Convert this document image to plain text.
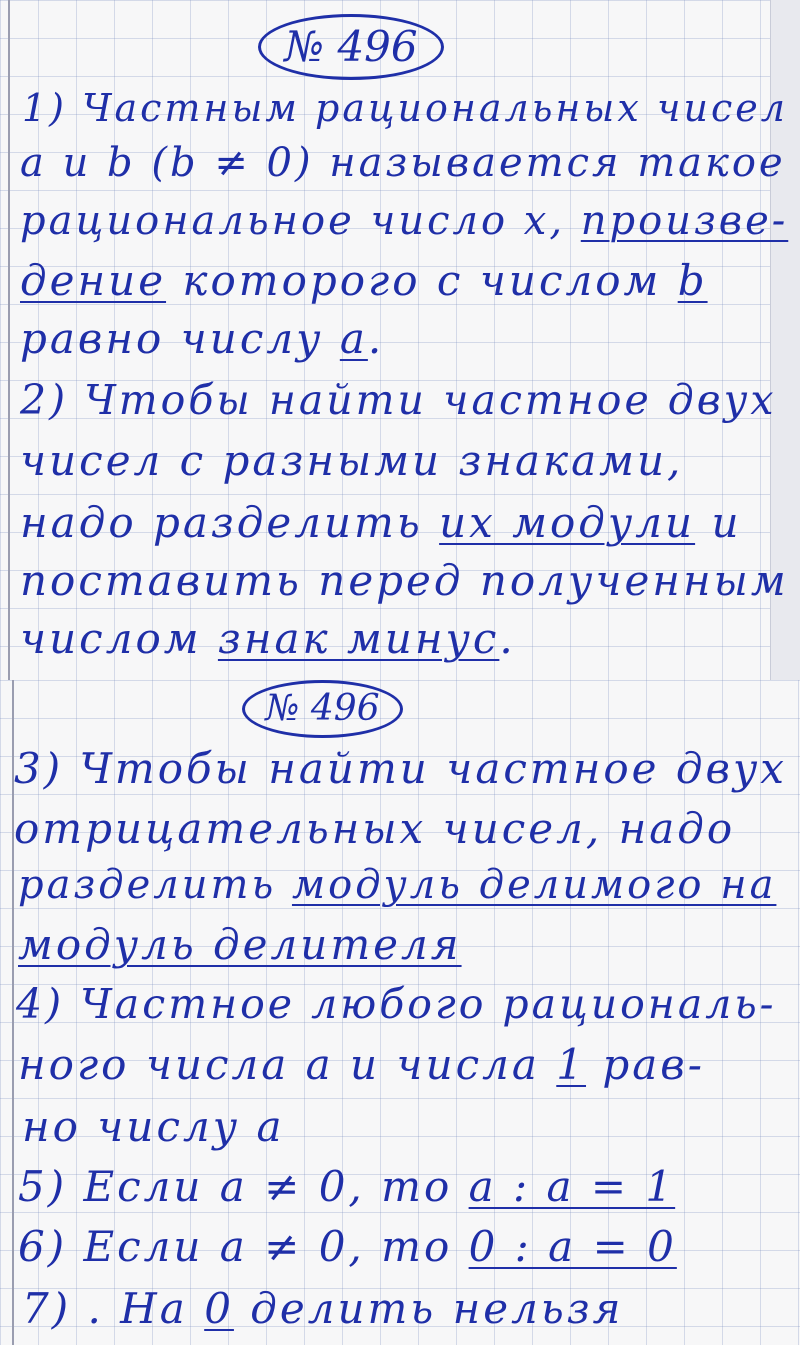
№ 496
1) Частным рациональных чисел
a и b (b ≠ 0) называется такое
рациональное число x, произве-
дение которого с числом b
равно числу a.
2) Чтобы найти частное двух
чисел с разными знаками,
надо разделить их модули и
поставить перед полученным
числом знак минус.
№ 496
3) Чтобы найти частное двух
отрицательных чисел, надо
разделить модуль делимого на
модуль делителя
4) Частное любого рациональ-
ного числа a и числа 1 рав-
но числу a
5) Если a ≠ 0, то a : a = 1
6) Если a ≠ 0, то 0 : a = 0
7) . На 0 делить нельзя
